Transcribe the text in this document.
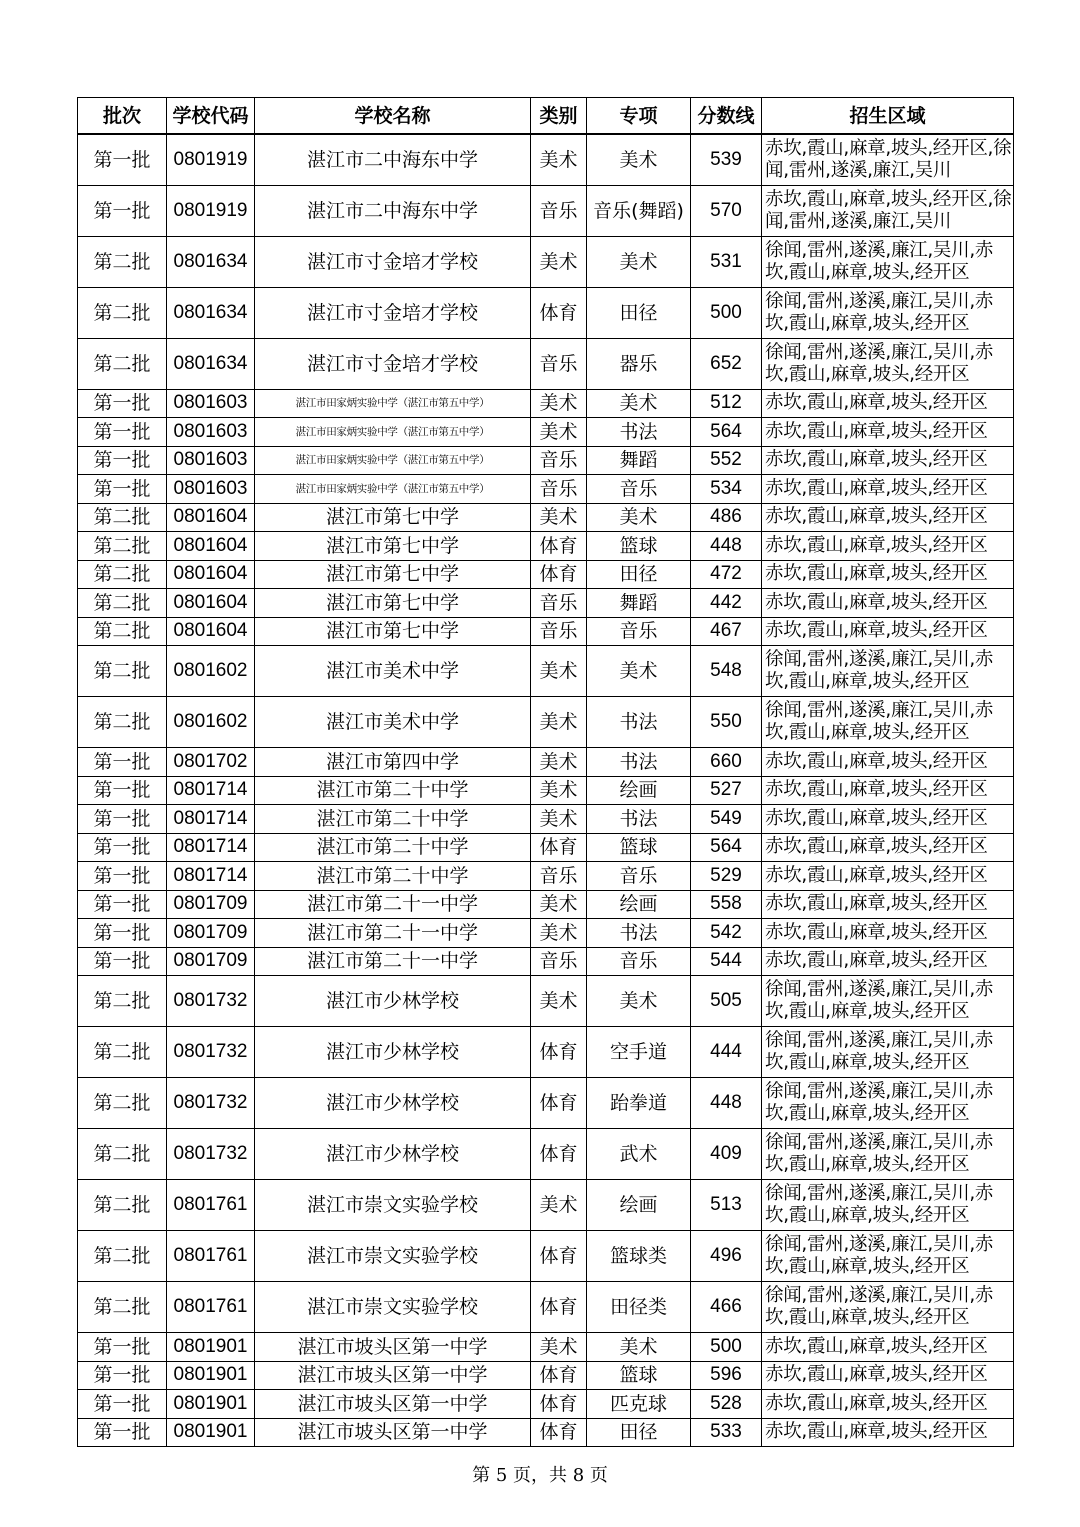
批次	学校代码	学校名称	类别	专项	分数线	招生区域
第一批	0801919	湛江市二中海东中学	美术	美术	539	赤坎,霞山,麻章,坡头,经开区,徐闻,雷州,遂溪,廉江,吴川
第一批	0801919	湛江市二中海东中学	音乐	音乐(舞蹈)	570	赤坎,霞山,麻章,坡头,经开区,徐闻,雷州,遂溪,廉江,吴川
第二批	0801634	湛江市寸金培才学校	美术	美术	531	徐闻,雷州,遂溪,廉江,吴川,赤坎,霞山,麻章,坡头,经开区
第二批	0801634	湛江市寸金培才学校	体育	田径	500	徐闻,雷州,遂溪,廉江,吴川,赤坎,霞山,麻章,坡头,经开区
第二批	0801634	湛江市寸金培才学校	音乐	器乐	652	徐闻,雷州,遂溪,廉江,吴川,赤坎,霞山,麻章,坡头,经开区
第一批	0801603	湛江市田家炳实验中学（湛江市第五中学）	美术	美术	512	赤坎,霞山,麻章,坡头,经开区
第一批	0801603	湛江市田家炳实验中学（湛江市第五中学）	美术	书法	564	赤坎,霞山,麻章,坡头,经开区
第一批	0801603	湛江市田家炳实验中学（湛江市第五中学）	音乐	舞蹈	552	赤坎,霞山,麻章,坡头,经开区
第一批	0801603	湛江市田家炳实验中学（湛江市第五中学）	音乐	音乐	534	赤坎,霞山,麻章,坡头,经开区
第二批	0801604	湛江市第七中学	美术	美术	486	赤坎,霞山,麻章,坡头,经开区
第二批	0801604	湛江市第七中学	体育	篮球	448	赤坎,霞山,麻章,坡头,经开区
第二批	0801604	湛江市第七中学	体育	田径	472	赤坎,霞山,麻章,坡头,经开区
第二批	0801604	湛江市第七中学	音乐	舞蹈	442	赤坎,霞山,麻章,坡头,经开区
第二批	0801604	湛江市第七中学	音乐	音乐	467	赤坎,霞山,麻章,坡头,经开区
第二批	0801602	湛江市美术中学	美术	美术	548	徐闻,雷州,遂溪,廉江,吴川,赤坎,霞山,麻章,坡头,经开区
第二批	0801602	湛江市美术中学	美术	书法	550	徐闻,雷州,遂溪,廉江,吴川,赤坎,霞山,麻章,坡头,经开区
第一批	0801702	湛江市第四中学	美术	书法	660	赤坎,霞山,麻章,坡头,经开区
第一批	0801714	湛江市第二十中学	美术	绘画	527	赤坎,霞山,麻章,坡头,经开区
第一批	0801714	湛江市第二十中学	美术	书法	549	赤坎,霞山,麻章,坡头,经开区
第一批	0801714	湛江市第二十中学	体育	篮球	564	赤坎,霞山,麻章,坡头,经开区
第一批	0801714	湛江市第二十中学	音乐	音乐	529	赤坎,霞山,麻章,坡头,经开区
第一批	0801709	湛江市第二十一中学	美术	绘画	558	赤坎,霞山,麻章,坡头,经开区
第一批	0801709	湛江市第二十一中学	美术	书法	542	赤坎,霞山,麻章,坡头,经开区
第一批	0801709	湛江市第二十一中学	音乐	音乐	544	赤坎,霞山,麻章,坡头,经开区
第二批	0801732	湛江市少林学校	美术	美术	505	徐闻,雷州,遂溪,廉江,吴川,赤坎,霞山,麻章,坡头,经开区
第二批	0801732	湛江市少林学校	体育	空手道	444	徐闻,雷州,遂溪,廉江,吴川,赤坎,霞山,麻章,坡头,经开区
第二批	0801732	湛江市少林学校	体育	跆拳道	448	徐闻,雷州,遂溪,廉江,吴川,赤坎,霞山,麻章,坡头,经开区
第二批	0801732	湛江市少林学校	体育	武术	409	徐闻,雷州,遂溪,廉江,吴川,赤坎,霞山,麻章,坡头,经开区
第二批	0801761	湛江市崇文实验学校	美术	绘画	513	徐闻,雷州,遂溪,廉江,吴川,赤坎,霞山,麻章,坡头,经开区
第二批	0801761	湛江市崇文实验学校	体育	篮球类	496	徐闻,雷州,遂溪,廉江,吴川,赤坎,霞山,麻章,坡头,经开区
第二批	0801761	湛江市崇文实验学校	体育	田径类	466	徐闻,雷州,遂溪,廉江,吴川,赤坎,霞山,麻章,坡头,经开区
第一批	0801901	湛江市坡头区第一中学	美术	美术	500	赤坎,霞山,麻章,坡头,经开区
第一批	0801901	湛江市坡头区第一中学	体育	篮球	596	赤坎,霞山,麻章,坡头,经开区
第一批	0801901	湛江市坡头区第一中学	体育	匹克球	528	赤坎,霞山,麻章,坡头,经开区
第一批	0801901	湛江市坡头区第一中学	体育	田径	533	赤坎,霞山,麻章,坡头,经开区
第 5 页，共 8 页
